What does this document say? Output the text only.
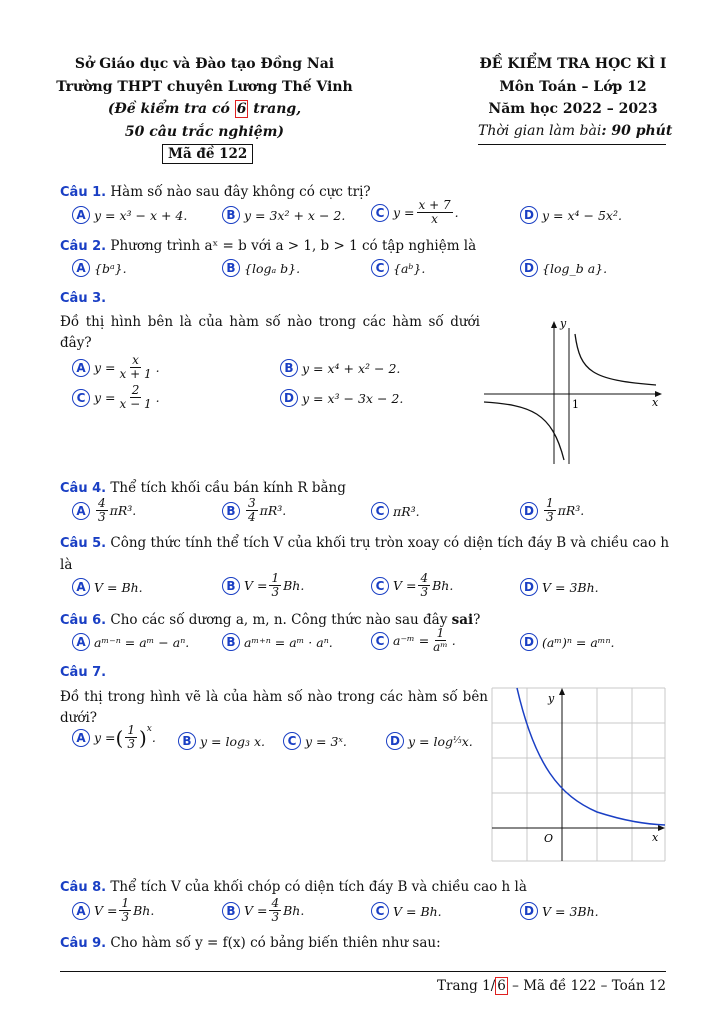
Sở Giáo dục và Đào tạo Đồng Nai
Trường THPT chuyên Lương Thế Vinh
(Đề kiểm tra có 6 trang,
50 câu trắc nghiệm)
Mã đề 122
ĐỀ KIỂM TRA HỌC KÌ I
Môn Toán – Lớp 12
Năm học 2022 – 2023
Thời gian làm bài: 90 phút
Câu 1. Hàm số nào sau đây không có cực trị?
A y = x³ − x + 4.	B y = 3x² + x − 2.	C $y = \frac{x + 7}{x}$ .	D y = x⁴ − 5x².
Câu 2. Phương trình aˣ = b với a > 1, b > 1 có tập nghiệm là
A {bᵃ}.	B {logₐ b}.	C {aᵇ}.	D {log_b a}.
Câu 3.
Đồ thị hình bên là của hàm số nào trong các hàm số dưới đây?
A $y = \frac{x}{x + 1}$ .	B y = x⁴ + x² − 2.
C $y = \frac{2}{x - 1}$ .	D y = x³ − 3x − 2.
y
x
1
Câu 4. Thể tích khối cầu bán kính R bằng
A $\frac{4}{3} \pi R^3$.	B $\frac{3}{4} \pi R^3$.	C πR³.	D $\frac{1}{3} \pi R^3$.
Câu 5. Công thức tính thể tích V của khối trụ tròn xoay có diện tích đáy B và chiều cao h
là
A V = Bh.	B $V = \frac{1}{3} Bh$.	C $V = \frac{4}{3} Bh$.	D V = 3Bh.
Câu 6. Cho các số dương a, m, n. Công thức nào sau đây sai?
A aᵐ⁻ⁿ = aᵐ − aⁿ.	B aᵐ⁺ⁿ = aᵐ · aⁿ.	C a⁻ᵐ = $\frac{1}{\text{aᵐ}}$ .	D (aᵐ)ⁿ = aᵐⁿ.
Câu 7.
Đồ thị trong hình vẽ là của hàm số nào trong các hàm số bên dưới?
A y = ( $\frac{1}{3} )^x$
.	B y = log₃ x.	C y = 3ˣ.	D y = log ⅓ x.
y
x
O
Câu 8. Thể tích V của khối chóp có diện tích đáy B và chiều cao h là
A $V = \frac{1}{3} Bh$.	B $V = \frac{4}{3} Bh$.	C V = Bh.	D V = 3Bh.
Câu 9. Cho hàm số y = f(x) có bảng biến thiên như sau:
Trang 1/ 6 – Mã đề 122 – Toán 12
